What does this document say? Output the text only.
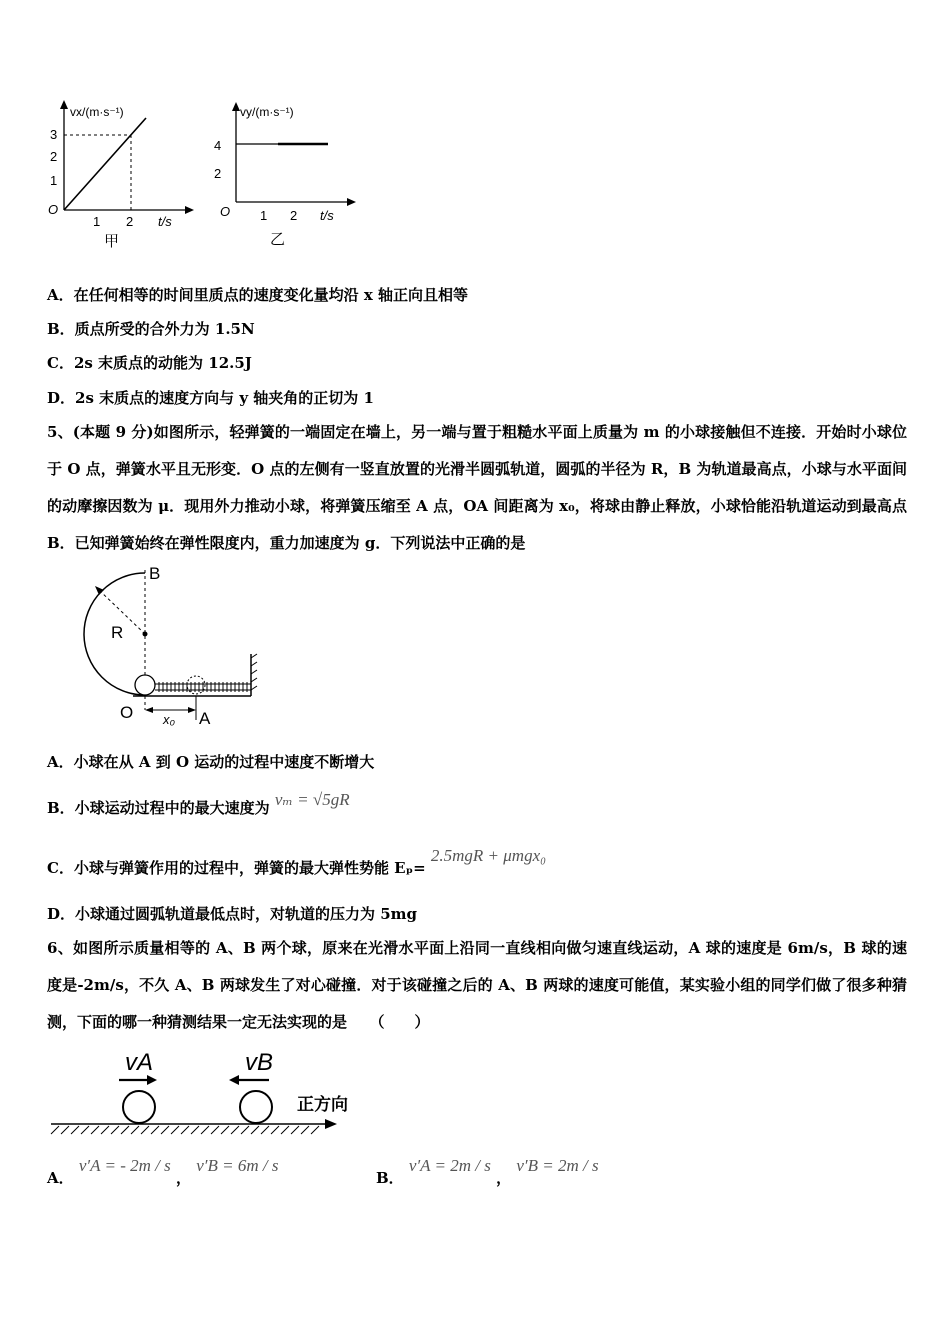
vx/(m·s⁻¹)
3
2
1
O
1 2 t/s
甲
vy/(m·s⁻¹)
4
2
O 1 2 t/s
乙
A．在任何相等的时间里质点的速度变化量均沿 x 轴正向且相等
B．质点所受的合外力为 1.5N
C．2s 末质点的动能为 12.5J
D．2s 末质点的速度方向与 y 轴夹角的正切为 1
5、(本题 9 分)如图所示，轻弹簧的一端固定在墙上，另一端与置于粗糙水平面上质量为 m 的小球接触但不连接．开始时小球位于 O 点，弹簧水平且无形变．O 点的左侧有一竖直放置的光滑半圆弧轨道，圆弧的半径为 R，B 为轨道最高点，小球与水平面间的动摩擦因数为 μ．现用外力推动小球，将弹簧压缩至 A 点，OA 间距离为 x₀，将球由静止释放，小球恰能沿轨道运动到最高点 B．已知弹簧始终在弹性限度内，重力加速度为 g．下列说法中正确的是
B
R
O	A
x₀
A．小球在从 A 到 O 运动的过程中速度不断增大
B．小球运动过程中的最大速度为 vₘ = √5gR
C．小球与弹簧作用的过程中，弹簧的最大弹性势能 Eₚ= 2.5mgR + μmgx₀
D．小球通过圆弧轨道最低点时，对轨道的压力为 5mg
6、如图所示质量相等的 A、B 两个球，原来在光滑水平面上沿同一直线相向做匀速直线运动，A 球的速度是 6m/s，B 球的速度是-2m/s，不久 A、B 两球发生了对心碰撞．对于该碰撞之后的 A、B 两球的速度可能值，某实验小组的同学们做了很多种猜测，下面的哪一种猜测结果一定无法实现的是　　（　　）
vA	vB
正方向
A． v′A = - 2m / s ， v′B = 6m / s
B． v′A = 2m / s ， v′B = 2m / s
